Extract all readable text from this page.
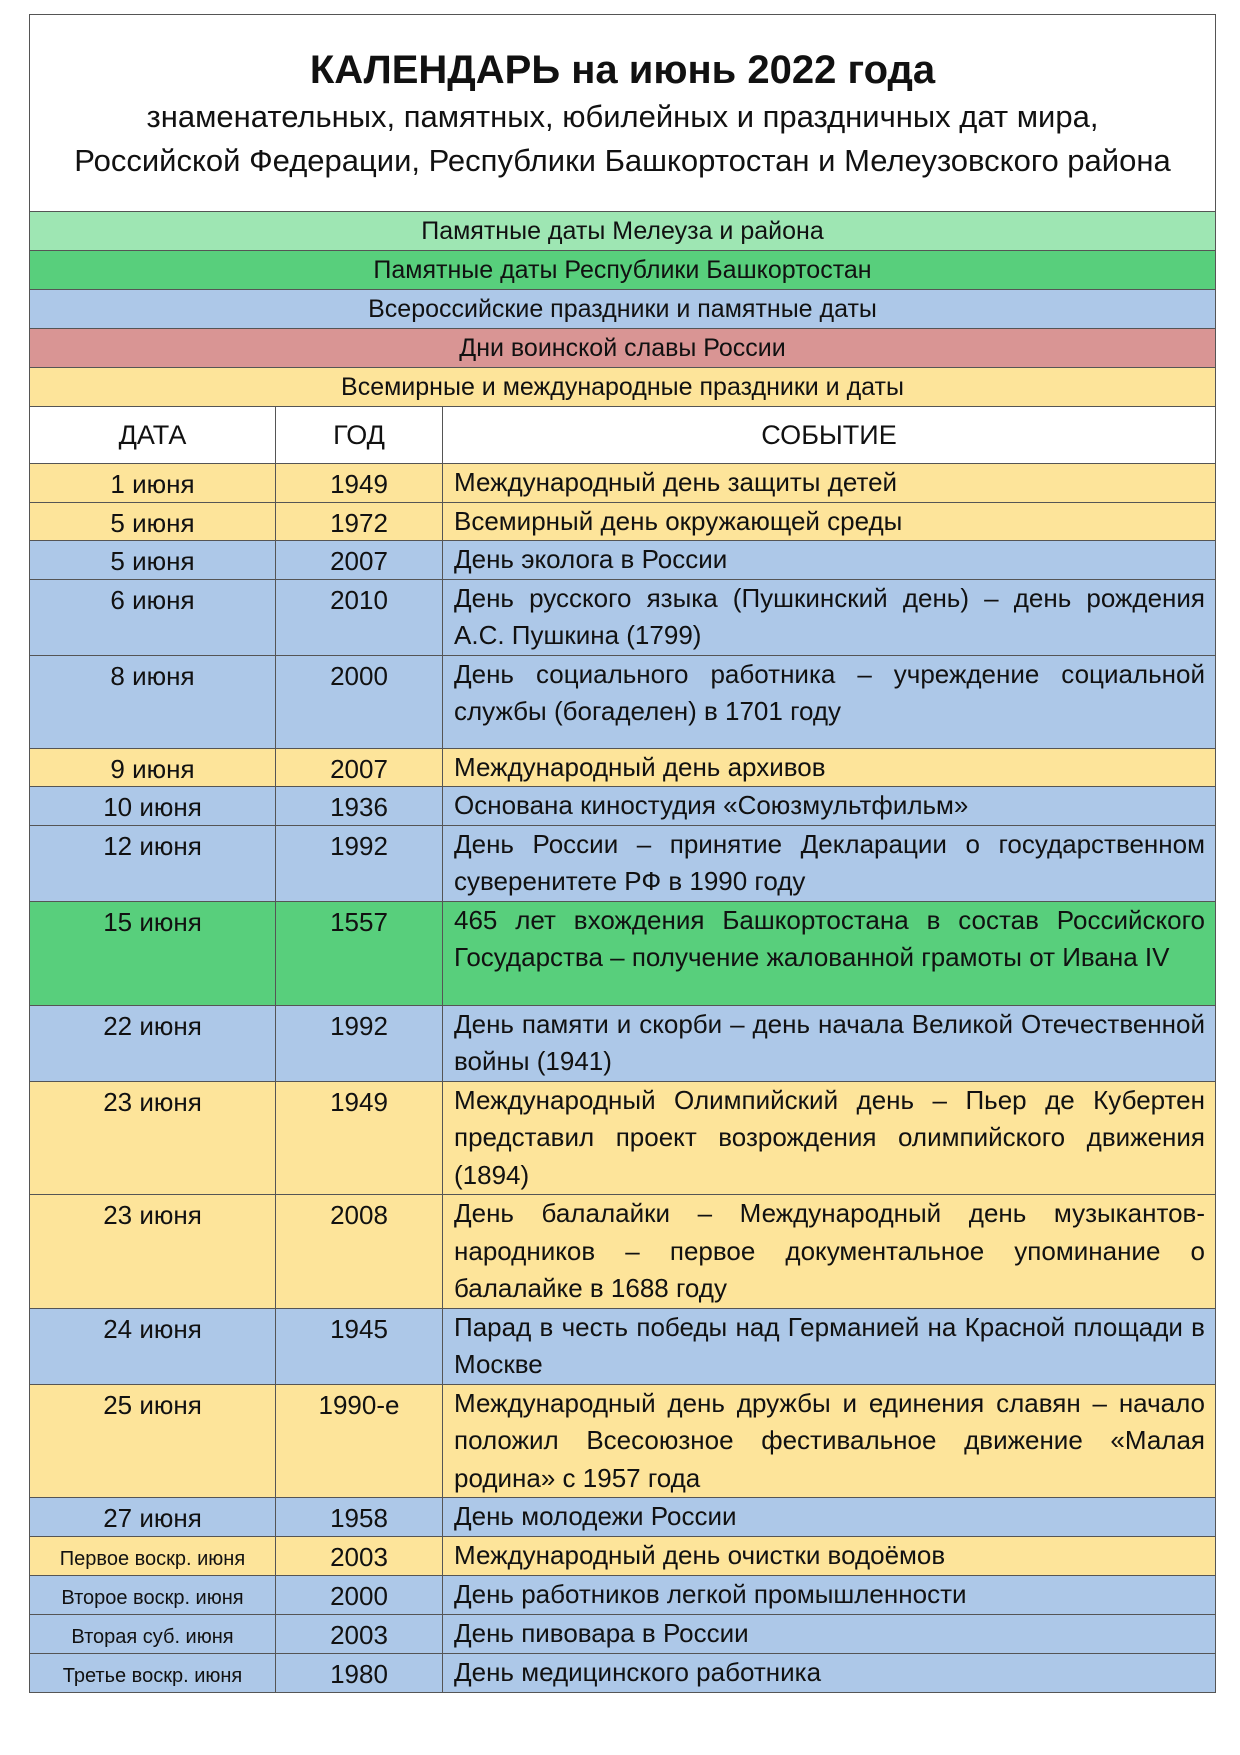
КАЛЕНДАРЬ на июнь 2022 года
знаменательных, памятных, юбилейных и праздничных дат мира, Российской Федерации, Республики Башкортостан и Мелеузовского района		

Памятные даты Мелеуза и района		
Памятные даты Республики Башкортостан		
Всероссийские праздники и памятные даты		
Дни воинской славы России		
Всемирные и международные праздники и даты		
ДАТА	ГОД	СОБЫТИЕ
1 июня	1949	Международный день защиты детей
5 июня	1972	Всемирный день окружающей среды
5 июня	2007	День эколога в России
6 июня	2010	День русского языка (Пушкинский день) – день рождения А.С. Пушкина (1799)
8 июня	2000	День социального работника – учреждение социальной службы (богаделен) в 1701 году
9 июня	2007	Международный день архивов
10 июня	1936	Основана киностудия «Союзмультфильм»
12 июня	1992	День России – принятие Декларации о государственном суверенитете РФ в 1990 году
15 июня	1557	465 лет вхождения Башкортостана в состав Российского Государства – получение жалованной грамоты от Ивана IV
22 июня	1992	День памяти и скорби – день начала Великой Отечественной войны (1941)
23 июня	1949	Международный Олимпийский день – Пьер де Кубертен представил проект возрождения олимпийского движения (1894)
23 июня	2008	День балалайки – Международный день музыкантов-народников – первое документальное упоминание о балалайке в 1688 году
24 июня	1945	Парад в честь победы над Германией на Красной площади в Москве
25 июня	1990-е	Международный день дружбы и единения славян – начало положил Всесоюзное фестивальное движение «Малая родина» с 1957 года
27 июня	1958	День молодежи России
Первое воскр. июня	2003	Международный день очистки водоёмов
Второе воскр. июня	2000	День работников легкой промышленности
Вторая суб. июня	2003	День пивовара в России
Третье воскр. июня	1980	День медицинского работника
